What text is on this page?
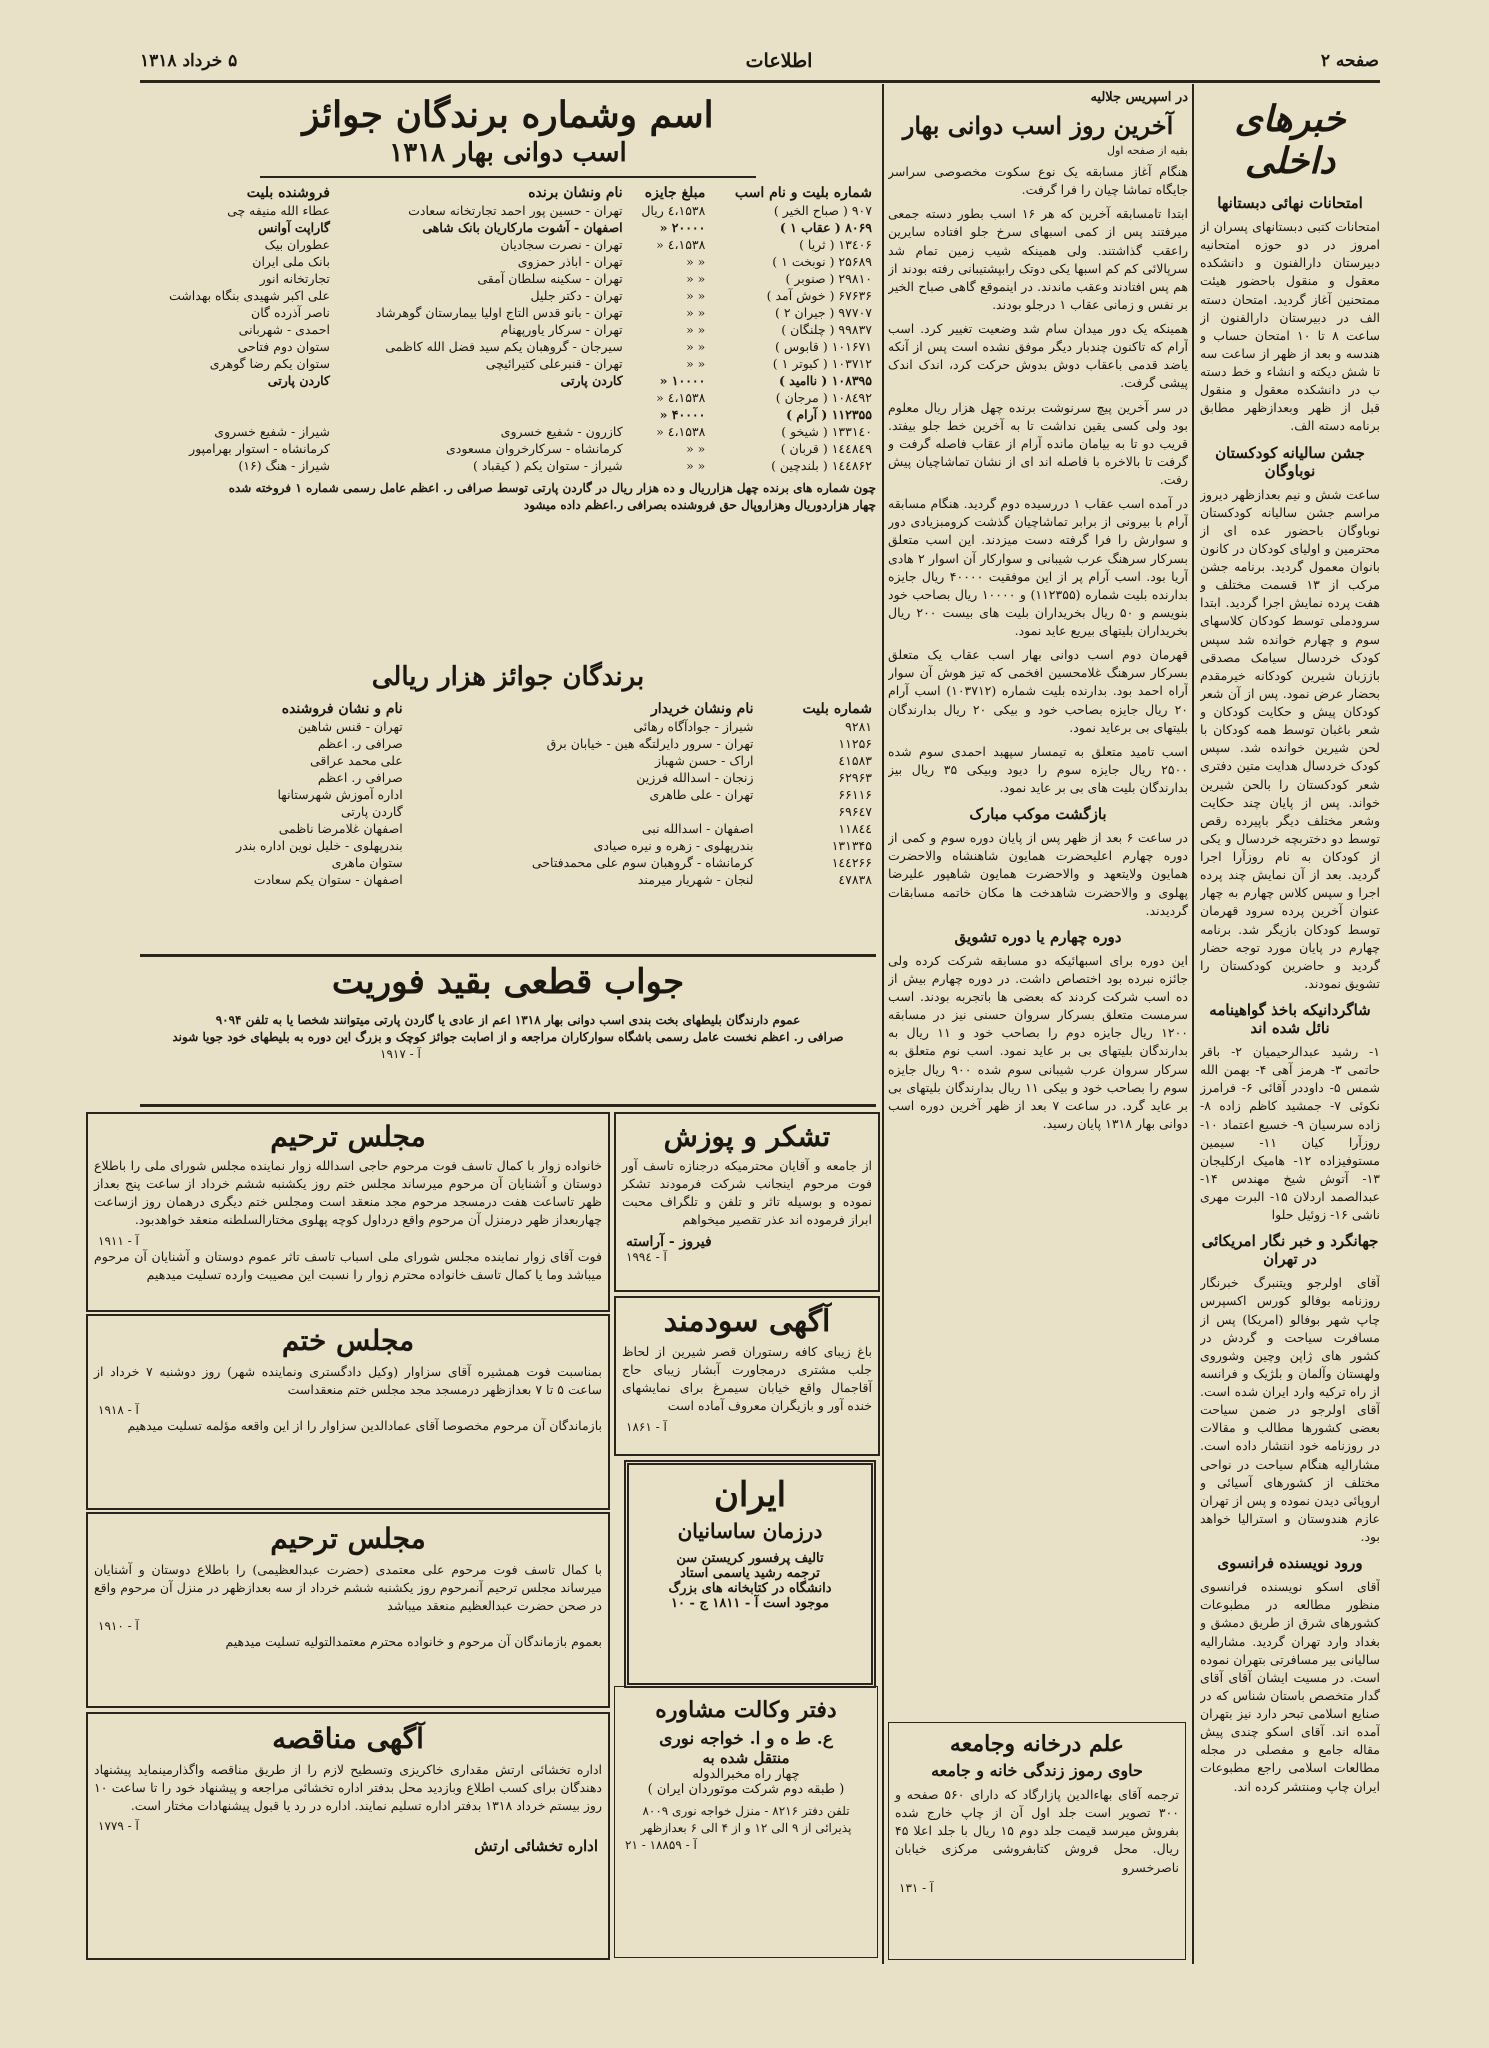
صفحه ۲
اطلاعات
۵ خرداد ۱۳۱۸
خبرهای داخلی
امتحانات نهائی دبستانها

امتحانات کتبی دبستانهای پسران از امروز در دو حوزه امتحانیه دبیرستان دارالفنون و دانشکده معقول و منقول باحضور هیئت ممتحنین آغاز گردید. امتحان دسته الف در دبیرستان دارالفنون از ساعت ۸ تا ۱۰ امتحان حساب و هندسه و بعد از ظهر از ساعت سه تا شش دیکته و انشاء و خط دسته ب در دانشکده معقول و منقول قبل از ظهر وبعدازظهر مطابق برنامه دسته الف.

جشن سالیانه کودکستان نوباوگان

ساعت شش و نیم بعدازظهر دیروز مراسم جشن سالیانه کودکستان نوباوگان باحضور عده ای از محترمین و اولیای کودکان در کانون بانوان معمول گردید. برنامه جشن مرکب از ۱۳ قسمت مختلف و هفت پرده نمایش اجرا گردید. ابتدا سرودملی توسط کودکان کلاسهای سوم و چهارم خوانده شد سپس کودک خردسال سیامک مصدقی باززبان شیرین کودکانه خیرمقدم بحضار عرض نمود. پس از آن شعر کودکان پیش و حکایت کودکان و شعر باغبان توسط همه کودکان با لحن شیرین خوانده شد. سپس کودک خردسال هدایت متین دفتری شعر کودکستان را بالحن شیرین خواند. پس از پایان چند حکایت وشعر مختلف دیگر باپیرده رقص توسط دو دختربچه خردسال و یکی از کودکان به نام روزآرا اجرا گردید. بعد از آن نمایش چند پرده اجرا و سپس کلاس چهارم به چهار عنوان آخرین پرده سرود قهرمان توسط کودکان بازیگر شد. برنامه چهارم در پایان مورد توجه حضار گردید و حاضرین کودکستان را تشویق نمودند.

شاگردانیکه باخذ گواهینامه نائل شده اند

۱- رشید عبدالرحیمیان ۲- باقر حاتمی ۳- هرمز آهی ۴- بهمن الله شمس ۵- داوددر آقائی ۶- فرامرز نکوئی ۷- جمشید کاظم زاده ۸- زاده سرسیان ۹- خسیع اعتماد ۱۰- روزآرا کیان ۱۱- سیمین مستوفیزاده ۱۲- هامیک ارکلیجان ۱۳- آتوش شیخ مهندس ۱۴- عبدالصمد اردلان ۱۵- البرت مهری ناشی ۱۶- زوئیل حلوا

جهانگرد و خبر نگار امریکائی در تهران

آقای اولرجو ویتنبرگ خبرنگار روزنامه بوفالو کورس اکسپرس چاپ شهر بوفالو (امریکا) پس از مسافرت سیاحت و گردش در کشور های ژاپن وچین وشوروی ولهستان وآلمان و بلژیک و فرانسه از راه ترکیه وارد ایران شده است. آقای اولرجو در ضمن سیاحت بعضی کشورها مطالب و مقالات در روزنامه خود انتشار داده است. مشارالیه هنگام سیاحت در نواحی مختلف از کشورهای آسیائی و اروپائی دیدن نموده و پس از تهران عازم هندوستان و استرالیا خواهد بود.

ورود نویسنده فرانسوی

آقای اسکو نویسنده فرانسوی منظور مطالعه در مطبوعات کشورهای شرق از طریق دمشق و بغداد وارد تهران گردید. مشارالیه سالیانی بیر مسافرتی بتهران نموده است. در مسیت ایشان آقای آقای گدار متخصص باستان شناس که در صنایع اسلامی تبحر دارد نیز بتهران آمده اند. آقای اسکو چندی پیش مقاله جامع و مفصلی در مجله مطالعات اسلامی راجع مطبوعات ایران چاپ ومنتشر کرده اند.

در اسپریس جلالیه
آخرین روز اسب دوانی بهار
بقیه از صفحه اول

هنگام آغاز مسابقه یک نوع سکوت مخصوصی سراسر جایگاه تماشا چیان را فرا گرفت.

ابتدا تامسابقه آخرین که هر ۱۶ اسب بطور دسته جمعی میرفتند پس از کمی اسبهای سرخ جلو افتاده سایرین راعقب گذاشتند. ولی همینکه شیب زمین تمام شد سرپالائی کم کم اسبها یکی دوتک رابپشتیبانی رفته بودند از هم پس افتادند وعقب ماندند. در اینموقع گاهی صباح الخیر بر نفس و زمانی عقاب ۱ درجلو بودند.

همینکه یک دور میدان سام شد وضعیت تغییر کرد. اسب آرام که تاکنون چندبار دیگر موفق نشده است پس از آنکه یاضد قدمی باعقاب دوش بدوش حرکت کرد، اندک اندک پیشی گرفت.

در سر آخرین پیچ سرنوشت برنده چهل هزار ریال معلوم بود ولی کسی یقین نداشت تا به آخرین خط جلو بیفتد. قریب دو تا به بیامان مانده آرام از عقاب فاصله گرفت و گرفت تا بالاخره با فاصله اند ای از نشان تماشاچیان پیش رفت.

در آمده اسب عقاب ۱ دررسیده دوم گردید. هنگام مسابقه آرام با بیرونی از برابر تماشاچیان گذشت کرومبزیادی دور و سوارش را فرا گرفته دست میزدند. این اسب متعلق بسرکار سرهنگ عرب شیبانی و سوارکار آن اسوار ۲ هادی آریا بود. اسب آرام پر از این موفقیت ۴۰۰۰۰ ریال جایزه بدارنده بلیت شماره (۱۱۲۳۵۵) و ۱۰۰۰۰ ریال بصاحب خود بنویسم و ۵۰ ریال بخریداران بلیت های بیست ۲۰۰ ریال بخریداران بلیتهای بیریع عاید نمود.

قهرمان دوم اسب دوانی بهار اسب عقاب یک متعلق بسرکار سرهنگ غلامحسین افخمی که تیز هوش آن سوار آراه احمد بود. بدارنده بلیت شماره (۱۰۳۷۱۲) اسب آرام ۲۰ ریال جایزه بصاحب خود و بیکی ۲۰ ریال بدارندگان بلیتهای بی برعاید نمود.

اسب تامید متعلق به تیمسار سپهبد احمدی سوم شده ۲۵۰۰ ریال جایزه سوم را دیود وبیکی ۳۵ ریال بیز بدارندگان بلیت های بی بر عاید نمود.

بازگشت موکب مبارک

در ساعت ۶ بعد از ظهر پس از پایان دوره سوم و کمی از دوره چهارم اعلیحضرت همایون شاهنشاه والاحضرت همایون ولایتعهد و والاحضرت همایون شاهپور علیرضا پهلوی و والاحضرت شاهدخت ها مکان خاتمه مسابقات گردیدند.

دوره چهارم یا دوره تشویق

این دوره برای اسبهائیکه دو مسابقه شرکت کرده ولی جائزه نبرده بود اختصاص داشت. در دوره چهارم بیش از ده اسب شرکت کردند که بعضی ها باتجربه بودند. اسب سرمست متعلق بسرکار سروان حسنی نیز در مسابقه ۱۲۰۰ ریال جایزه دوم را بصاحب خود و ۱۱ ریال به بدارندگان بلیتهای بی بر عاید نمود. اسب نوم متعلق به سرکار سروان عرب شیبانی سوم شده ۹۰۰ ریال جایزه سوم را بصاحب خود و بیکی ۱۱ ریال بدارندگان بلیتهای بی بر عاید گرد. در ساعت ۷ بعد از ظهر آخرین دوره اسب دوانی بهار ۱۳۱۸ پایان رسید.

علم درخانه وجامعه
حاوی رموز زندگی خانه و جامعه

ترجمه آقای بهاءالدین پازارگاد که دارای ۵۶۰ صفحه و ۳۰۰ تصویر است جلد اول آن از چاپ خارج شده بفروش میرسد قیمت جلد دوم ۱۵ ریال با جلد اعلا ۴۵ ریال. محل فروش کتابفروشی مرکزی خیابان ناصرخسرو

آ - ۱۳۱
اسم وشماره برندگان جوائز
اسب دوانی بهار ۱۳۱۸
شماره بلیت و نام اسب	مبلغ جایزه	نام ونشان برنده	فروشنده بلیت
۹۰۷ ( صباح الخیر )	۱۵۳۸،٤ ریال	تهران - حسین پور احمد تجارتخانه سعادت	عطاء الله منیفه چی
۸۰۶۹ ( عقاب ۱ )	۲۰۰۰۰ «	اصفهان - آشوت مارکاریان بانک شاهی	گاراپت آوانس
۱۳٤۰۶ ( ثریا )	۱۵۳۸،٤ «	تهران - نصرت سجادیان	عطوران بیک
۲۵۶۸۹ ( نوبخت ۱ )	« «	تهران - اباذر حمزوی	بانک ملی ایران
۲۹۸۱۰ ( صنوبر )	« «	تهران - سکینه سلطان آمقی	تجارتخانه انور
۶۷۶۳۶ ( خوش آمد )	« «	تهران - دکتر جلیل	علی اکبر شهیدی بنگاه بهداشت
۹۷۷۰۷ ( جیران ۲ )	« «	تهران - بانو قدس التاج اولیا بیمارستان گوهرشاد	ناصر آذرده گان
۹۹۸۳۷ ( چلنگان )	« «	تهران - سرکار یاورپهنام	احمدی - شهربانی
۱۰۱۶۷۱ ( قابوس )	« «	سیرجان - گروهبان یکم سید فضل الله کاظمی	ستوان دوم فتاحی
۱۰۳۷۱۲ ( کبوتر ۱ )	« «	تهران - قنبرعلی کتیرائیچی	ستوان یکم رضا گوهری
۱۰۸۳۹۵ ( ناامید )	۱۰۰۰۰ «	کاردن پارتی	کاردن پارتی
۱۰۸٤۹۲ ( مرجان )	۱۵۳۸،٤ «		
۱۱۲۳۵۵ ( آرام )	۴۰۰۰۰ «		
۱۳۳۱٤۰ ( شیخو )	۱۵۳۸،٤ «	کازرون - شفیع خسروی	شیراز - شفیع خسروی
۱٤٤٨٤۹ ( قربان )	« «	کرمانشاه - سرکارخروان مسعودی	کرمانشاه - استوار بهرامپور
۱٤٤٨۶۲ ( بلندچین )	« «	شیراز - ستوان یکم ( کیقباد )	شیراز - هنگ (۱۶)
چون شماره های برنده چهل هزارریال و ده هزار ریال در گاردن پارتی توسط صرافی ر. اعظم عامل رسمی شماره ۱ فروخته شده
چهار هزاردوریال وهزاروپال حق فروشنده بصرافی ر.اعظم داده میشود
برندگان جوائز هزار ریالی
شماره بلیت	نام ونشان خریدار	نام و نشان فروشنده
۹۲۸۱	شیراز - جوادآگاه رهائی	تهران - قنس شاهین
۱۱۲۵۶	تهران - سرور دایرلتگه هین - خیابان برق	صرافی ر. اعظم
٤۱۵۸۳	اراک - حسن شهباز	علی محمد عراقی
۶۲۹۶۳	زنجان - اسدالله فرزین	صرافی ر. اعظم
۶۶۱۱۶	تهران - علی طاهری	اداره آموزش شهرستانها
۶۹۶٤۷		گاردن پارتی
۱۱۸٤٤	اصفهان - اسدالله نبی	اصفهان غلامرضا ناظمی
۱۳۱۳۴۵	بندرپهلوی - زهره و نیره صیادی	بندرپهلوی - خلیل نوین اداره بندر
۱٤٤۲۶۶	کرمانشاه - گروهبان سوم علی محمدفتاحی	ستوان ماهری
٤۷۸۳۸	لنجان - شهریار میرمند	اصفهان - ستوان یکم سعادت
جواب قطعی بقید فوریت
عموم دارندگان بلیطهای بخت بندی اسب دوانی بهار ۱۳۱۸ اعم از عادی یا گاردن پارتی میتوانند شخصا یا به تلفن ۹۰۹۴
صرافی ر. اعظم نخست عامل رسمی باشگاه سوارکاران مراجعه و از اصابت جوائز کوچک و بزرگ این دوره به بلیطهای خود جویا شوند
آ - ۱۹۱۷
مجلس ترحیم

خانواده زوار با کمال تاسف فوت مرحوم حاجی اسدالله زوار نماینده مجلس شورای ملی را باطلاع دوستان و آشنایان آن مرحوم میرساند مجلس ختم روز یکشنبه ششم خرداد از ساعت پنج بعداز ظهر تاساعت هفت درمسجد مرحوم مجد منعقد است ومجلس ختم دیگری درهمان روز ازساعت چهاربعداز ظهر درمنزل آن مرحوم واقع درداول کوچه پهلوی مختارالسلطنه منعقد خواهدبود.

آ - ۱۹۱۱

فوت آقای زوار نماینده مجلس شورای ملی اسباب تاسف تاثر عموم دوستان و آشنایان آن مرحوم میباشد وما یا کمال تاسف خانواده محترم زوار را نسبت این مصیبت وارده تسلیت میدهیم

مجلس ختم

بمناسبت فوت همشیره آقای سزاوار (وکیل دادگستری ونماینده شهر) روز دوشنبه ۷ خرداد از ساعت ۵ تا ۷ بعدازظهر درمسجد مجد مجلس ختم منعقداست

آ - ۱۹۱۸

بازماندگان آن مرحوم مخصوصا آقای عمادالدین سزاوار را از این واقعه مؤلمه تسلیت میدهیم

مجلس ترحیم

با کمال تاسف فوت مرحوم علی معتمدی (حضرت عبدالعظیمی) را باطلاع دوستان و آشنایان میرساند مجلس ترحیم آنمرحوم روز یکشنبه ششم خرداد از سه بعدازظهر در منزل آن مرحوم واقع در صحن حضرت عبدالعظیم منعقد میباشد

آ - ۱۹۱۰

بعموم بازماندگان آن مرحوم و خانواده محترم معتمدالتولیه تسلیت میدهیم

آگهی مناقصه

اداره تخشائی ارتش مقداری خاکریزی وتسطیح لازم را از طریق مناقصه واگذارمینماید پیشنهاد دهندگان برای کسب اطلاع وبازدید محل بدفتر اداره تخشائی مراجعه و پیشنهاد خود را تا ساعت ۱۰ روز بیستم خرداد ۱۳۱۸ بدفتر اداره تسلیم نمایند. اداره در رد یا قبول پیشنهادات مختار است.

آ - ۱۷۷۹
اداره تخشائی ارتش
تشکر و پوزش

از جامعه و آقایان محترمیکه درجنازه تاسف آور فوت مرحوم اینجانب شرکت فرمودند تشکر نموده و بوسیله تاثر و تلفن و تلگراف محبت ابراز فرموده اند عذر تقصیر میخواهم

فیروز - آراسته
آ - ۱۹۹٤
آگهی سودمند

باغ زیبای کافه رستوران قصر شیرین از لحاظ جلب مشتری درمجاورت آبشار زیبای حاج آقاجمال واقع خیابان سیمرغ برای نمایشهای خنده آور و بازیگران معروف آماده است

آ - ۱۸۶۱
ایران
درزمان ساسانیان
تالیف پرفسور کریستن سن
ترجمه رشید یاسمی استاد
دانشگاه در کتابخانه های بزرگ
موجود است آ - ۱۸۱۱ ج - ۱۰
دفتر وکالت مشاوره
ع. ط ه و ا. خواجه نوری
منتقل شده به
چهار راه مخبرالدوله
( طبقه دوم شرکت موتوردان ایران )
تلفن دفتر ۸۲۱۶ - منزل خواجه نوری ۸۰۰۹
پذیرائی از ۹ الی ۱۲ و از ۴ الی ۶ بعدازظهر
آ - ۱۸۸۵۹ - ۲۱
